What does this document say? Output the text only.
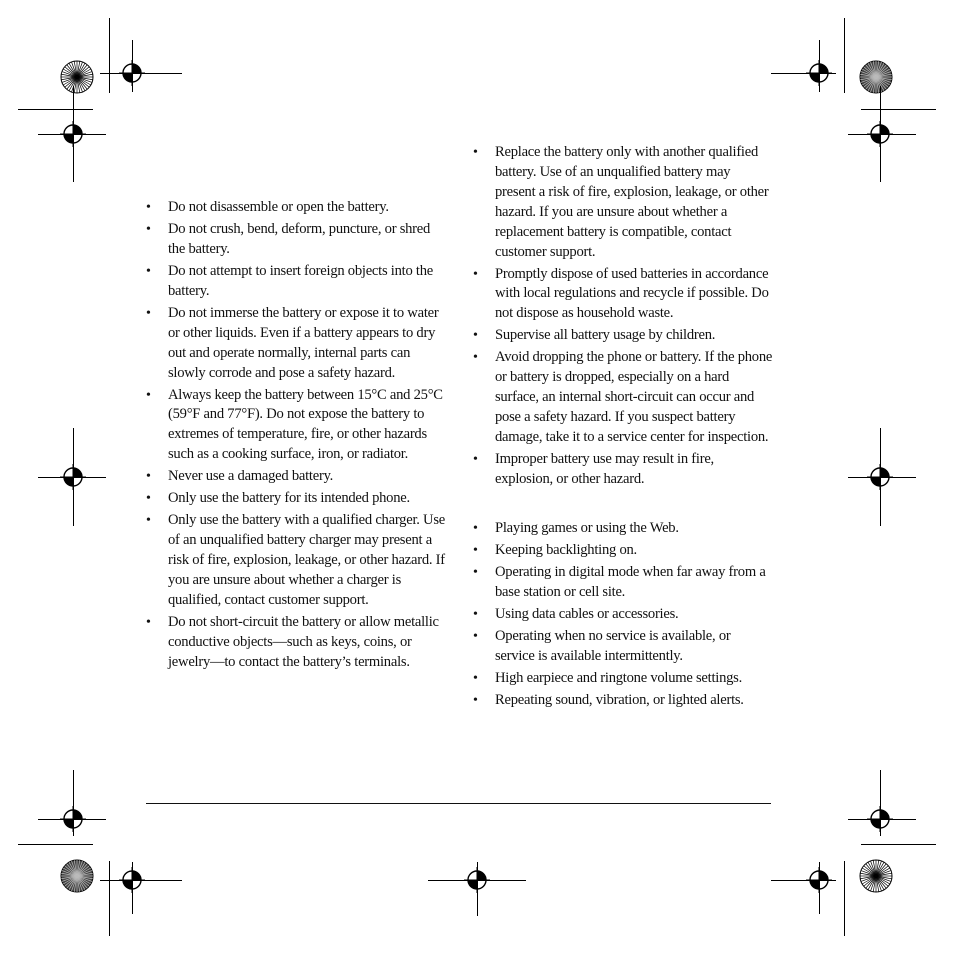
•	Do not disassemble or open the battery.
•	Do not crush, bend, deform, puncture, or shred the battery.
•	Do not attempt to insert foreign objects into the battery.
•	Do not immerse the battery or expose it to water or other liquids. Even if a battery appears to dry out and operate normally, internal parts can slowly corrode and pose a safety hazard.
•	Always keep the battery between 15°C and 25°C (59°F and 77°F). Do not expose the battery to extremes of temperature, fire, or other hazards such as a cooking surface, iron, or radiator.
•	Never use a damaged battery.
•	Only use the battery for its intended phone.
•	Only use the battery with a qualified charger. Use of an unqualified battery charger may present a risk of fire, explosion, leakage, or other hazard. If you are unsure about whether a charger is qualified, contact customer support.
•	Do not short-circuit the battery or allow metallic conductive objects—such as keys, coins, or jewelry—to contact the battery’s terminals.
•	Replace the battery only with another qualified battery. Use of an unqualified battery may present a risk of fire, explosion, leakage, or other hazard. If you are unsure about whether a replacement battery is compatible, contact customer support.
•	Promptly dispose of used batteries in accordance with local regulations and recycle if possible. Do not dispose as household waste.
•	Supervise all battery usage by children.
•	Avoid dropping the phone or battery. If the phone or battery is dropped, especially on a hard surface, an internal short-circuit can occur and pose a safety hazard. If you suspect battery damage, take it to a service center for inspection.
•	Improper battery use may result in fire, explosion, or other hazard.
•	Playing games or using the Web.
•	Keeping backlighting on.
•	Operating in digital mode when far away from a base station or cell site.
•	Using data cables or accessories.
•	Operating when no service is available, or service is available intermittently.
•	High earpiece and ringtone volume settings.
•	Repeating sound, vibration, or lighted alerts.
